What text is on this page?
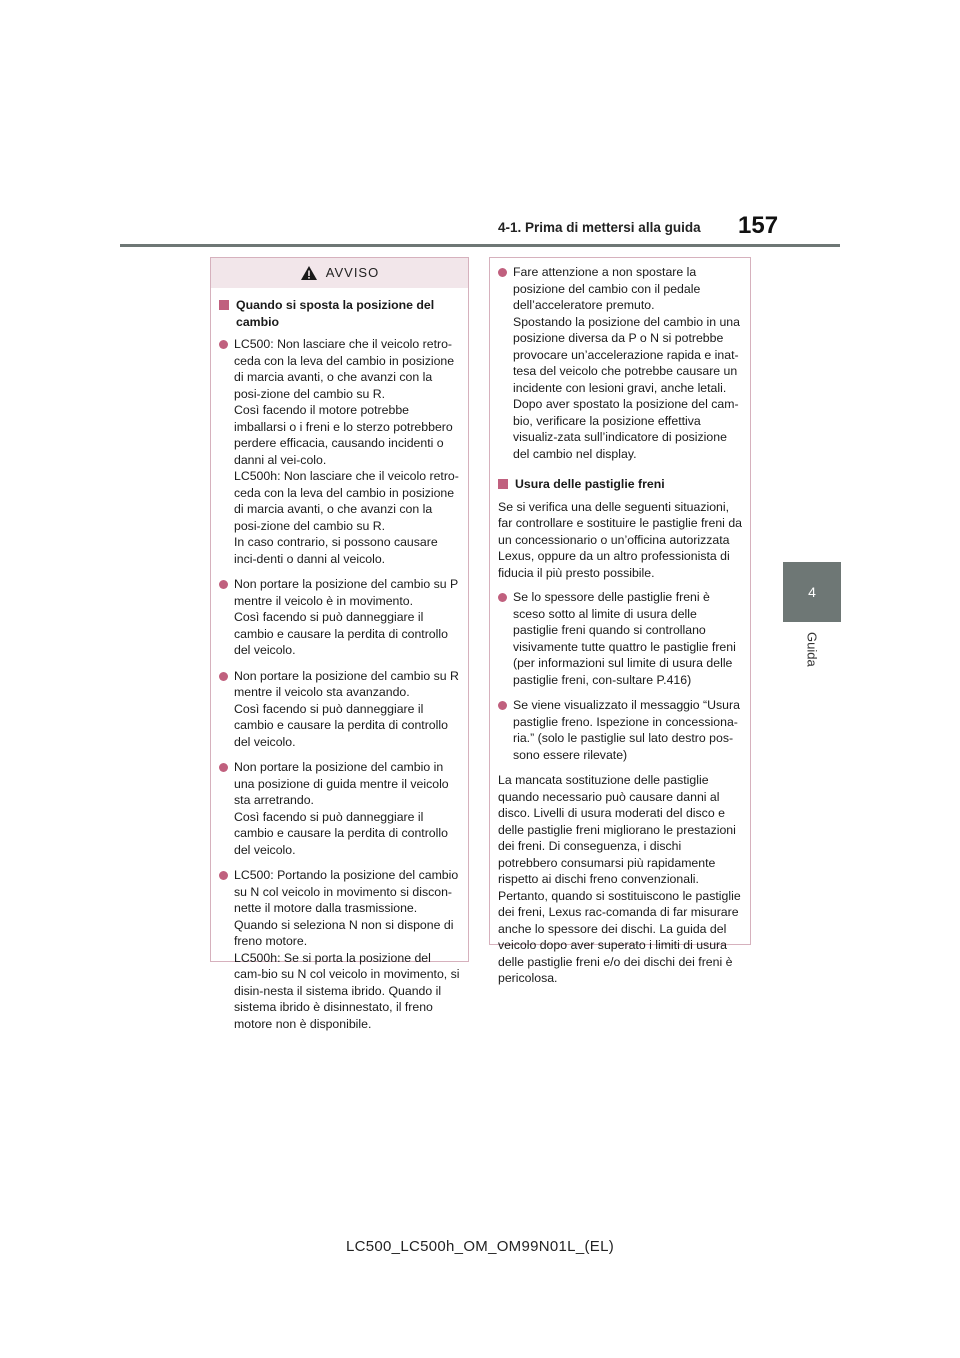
4-1. Prima di mettersi alla guida 157
4
Guida
AVVISO
Quando si sposta la posizione del cambio

LC500: Non lasciare che il veicolo retro-ceda con la leva del cambio in posizione di marcia avanti, o che avanzi con la posi-zione del cambio su R.

Così facendo il motore potrebbe imballarsi o i freni e lo sterzo potrebbero perdere efficacia, causando incidenti o danni al vei-colo.

LC500h: Non lasciare che il veicolo retro-ceda con la leva del cambio in posizione di marcia avanti, o che avanzi con la posi-zione del cambio su R.

In caso contrario, si possono causare inci-denti o danni al veicolo.

Non portare la posizione del cambio su P mentre il veicolo è in movimento.

Così facendo si può danneggiare il cambio e causare la perdita di controllo del veicolo.

Non portare la posizione del cambio su R mentre il veicolo sta avanzando.

Così facendo si può danneggiare il cambio e causare la perdita di controllo del veicolo.

Non portare la posizione del cambio in una posizione di guida mentre il veicolo sta arretrando.

Così facendo si può danneggiare il cambio e causare la perdita di controllo del veicolo.

LC500: Portando la posizione del cambio su N col veicolo in movimento si discon-nette il motore dalla trasmissione. Quando si seleziona N non si dispone di freno motore.

LC500h: Se si porta la posizione del cam-bio su N col veicolo in movimento, si disin-nesta il sistema ibrido. Quando il sistema ibrido è disinnestato, il freno motore non è disponibile.

Fare attenzione a non spostare la posizione del cambio con il pedale dell’acceleratore premuto.

Spostando la posizione del cambio in una posizione diversa da P o N si potrebbe provocare un’accelerazione rapida e inat-tesa del veicolo che potrebbe causare un incidente con lesioni gravi, anche letali.

Dopo aver spostato la posizione del cam-bio, verificare la posizione effettiva visualiz-zata sull’indicatore di posizione del cambio nel display.

Usura delle pastiglie freni

Se si verifica una delle seguenti situazioni, far controllare e sostituire le pastiglie freni da un concessionario o un’officina autorizzata Lexus, oppure da un altro professionista di fiducia il più presto possibile.

Se lo spessore delle pastiglie freni è sceso sotto al limite di usura delle pastiglie freni quando si controllano visivamente tutte quattro le pastiglie freni (per informazioni sul limite di usura delle pastiglie freni, con-sultare P.416)

Se viene visualizzato il messaggio “Usura pastiglie freno. Ispezione in concessiona-ria.” (solo le pastiglie sul lato destro pos-sono essere rilevate)

La mancata sostituzione delle pastiglie quando necessario può causare danni al disco. Livelli di usura moderati del disco e delle pastiglie freni migliorano le prestazioni dei freni. Di conseguenza, i dischi potrebbero consumarsi più rapidamente rispetto ai dischi freno convenzionali. Pertanto, quando si sostituiscono le pastiglie dei freni, Lexus rac-comanda di far misurare anche lo spessore dei dischi. La guida del veicolo dopo aver superato i limiti di usura delle pastiglie freni e/o dei dischi dei freni è pericolosa.

LC500_LC500h_OM_OM99N01L_(EL)
